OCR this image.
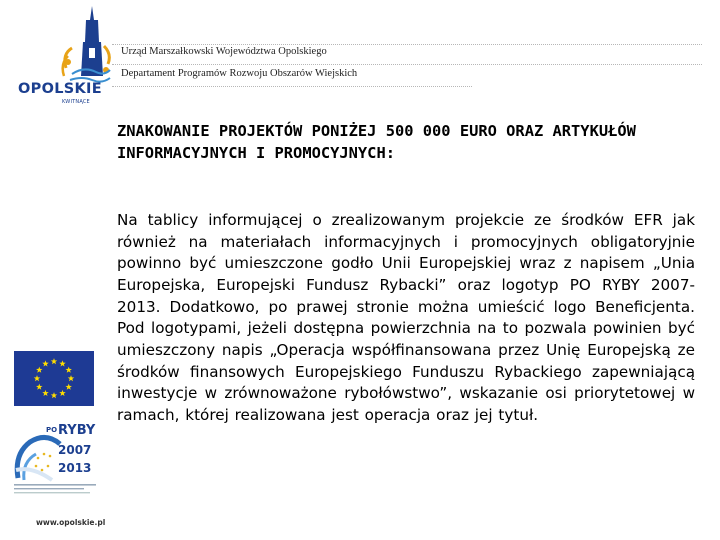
OPOLSKIE
KWITNĄCE
PO RYBY
2007
2013
www.opolskie.pl
Urząd Marszałkowski Województwa Opolskiego
Departament Programów Rozwoju Obszarów Wiejskich
ZNAKOWANIE PROJEKTÓW PONIŻEJ 500 000 EURO ORAZ ARTYKUŁÓW INFORMACYJNYCH I PROMOCYJNYCH:

Na tablicy informującej o zrealizowanym projekcie ze środków EFR jak również na materiałach informacyjnych i promocyjnych obligatoryjnie powinno być umieszczone godło Unii Europejskiej wraz z napisem „Unia Europejska, Europejski Fundusz Rybacki” oraz logotyp PO RYBY 2007-2013. Dodatkowo, po prawej stronie można umieścić logo Beneficjenta. Pod logotypami, jeżeli dostępna powierzchnia na to pozwala powinien być umieszczony napis „Operacja współfinansowana przez Unię Europejską ze środków finansowych Europejskiego Funduszu Rybackiego zapewniającą inwestycje w zrównoważone rybołówstwo”, wskazanie osi priorytetowej w ramach, której realizowana jest operacja oraz jej tytuł.
